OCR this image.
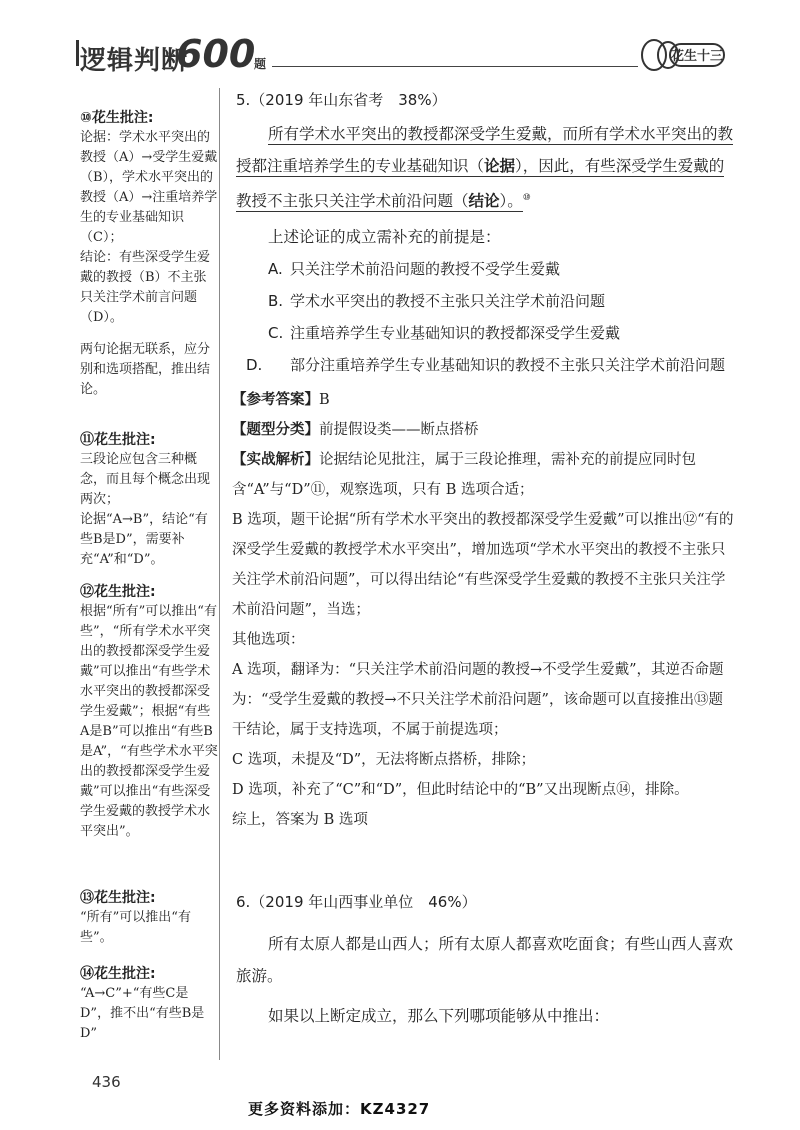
逻辑判断
600
题	花生十三
⑩花生批注:

论据：学术水平突出的教授（A）→受学生爱戴（B），学术水平突出的教授（A）→注重培养学生的专业基础知识（C）；
结论：有些深受学生爱戴的教授（B）不主张只关注学术前言问题（D）。

两句论据无联系，应分别和选项搭配，推出结论。

⑪花生批注:

三段论应包含三种概念，而且每个概念出现两次；
论据“A→B”，结论“有些B是D”，需要补充“A”和“D”。

⑫花生批注:

根据“所有”可以推出“有些”，“所有学术水平突出的教授都深受学生爱戴”可以推出“有些学术水平突出的教授都深受学生爱戴”；根据“有些A是B”可以推出“有些B是A”，“有些学术水平突出的教授都深受学生爱戴”可以推出“有些深受学生爱戴的教授学术水平突出”。

⑬花生批注:

“所有”可以推出“有些”。

⑭花生批注:

“A→C”+“有些C是D”，推不出“有些B是D”

5.（2019 年山东省考　38%）

所有学术水平突出的教授都深受学生爱戴，而所有学术水平突出的教授都注重培养学生的专业基础知识（论据），因此，有些深受学生爱戴的教授不主张只关注学术前沿问题（结论）。⑩

上述论证的成立需补充的前提是：

A. 只关注学术前沿问题的教授不受学生爱戴

B. 学术水平突出的教授不主张只关注学术前沿问题

C. 注重培养学生专业基础知识的教授都深受学生爱戴

D. 部分注重培养学生专业基础知识的教授不主张只关注学术前沿问题

【参考答案】B

【题型分类】前提假设类——断点搭桥

【实战解析】论据结论见批注，属于三段论推理，需补充的前提应同时包含“A”与“D”⑪，观察选项，只有 B 选项合适；

B 选项，题干论据“所有学术水平突出的教授都深受学生爱戴”可以推出⑫“有的深受学生爱戴的教授学术水平突出”，增加选项“学术水平突出的教授不主张只关注学术前沿问题”，可以得出结论“有些深受学生爱戴的教授不主张只关注学术前沿问题”，当选；

其他选项：

A 选项，翻译为：“只关注学术前沿问题的教授→不受学生爱戴”，其逆否命题为：“受学生爱戴的教授→不只关注学术前沿问题”，该命题可以直接推出⑬题干结论，属于支持选项，不属于前提选项；

C 选项，未提及“D”，无法将断点搭桥，排除；

D 选项，补充了“C”和“D”，但此时结论中的“B”又出现断点⑭，排除。

综上，答案为 B 选项

6.（2019 年山西事业单位　46%）

所有太原人都是山西人；所有太原人都喜欢吃面食；有些山西人喜欢旅游。

如果以上断定成立，那么下列哪项能够从中推出：

436
更多资料添加：KZ4327
